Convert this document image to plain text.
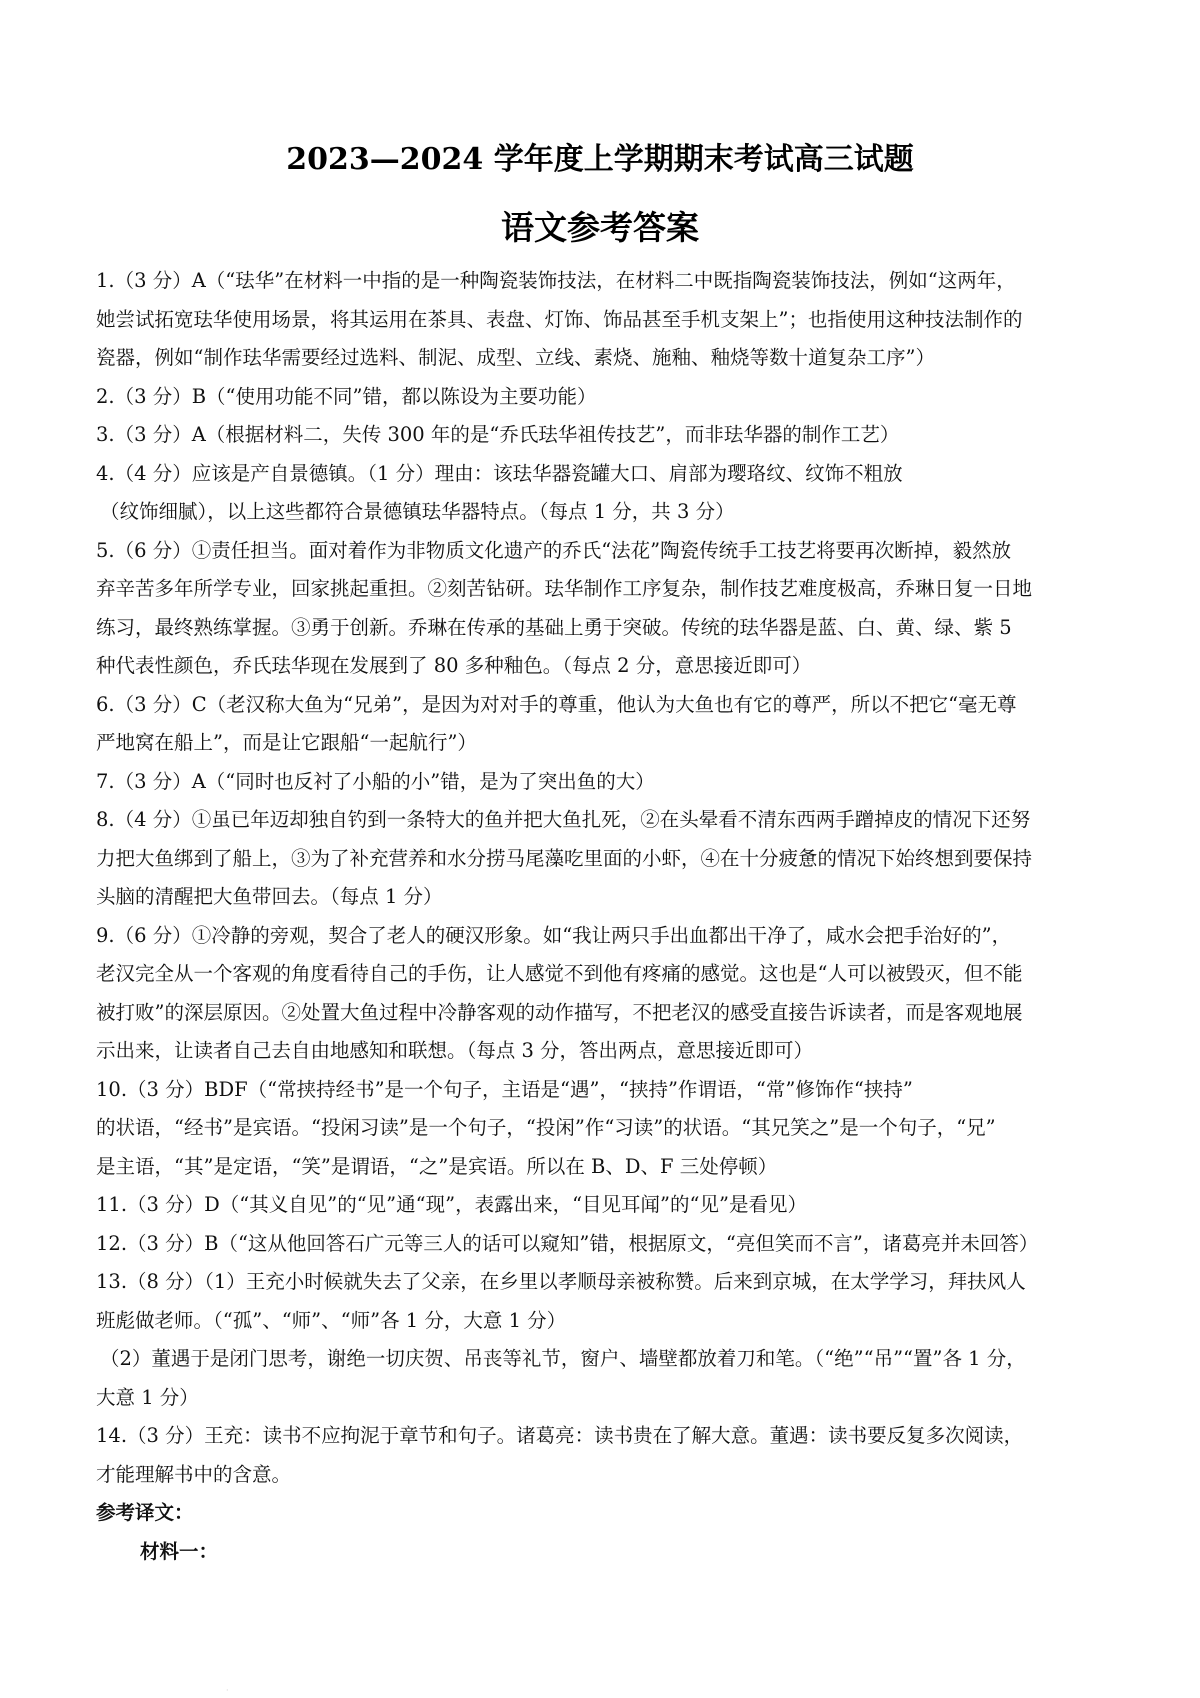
2023—2024 学年度上学期期末考试高三试题
语文参考答案
1.（3 分）A（“珐华”在材料一中指的是一种陶瓷装饰技法，在材料二中既指陶瓷装饰技法，例如“这两年，
她尝试拓宽珐华使用场景，将其运用在茶具、表盘、灯饰、饰品甚至手机支架上”；也指使用这种技法制作的
瓷器，例如“制作珐华需要经过选料、制泥、成型、立线、素烧、施釉、釉烧等数十道复杂工序”）
2.（3 分）B（“使用功能不同”错，都以陈设为主要功能）
3.（3 分）A（根据材料二，失传 300 年的是“乔氏珐华祖传技艺”，而非珐华器的制作工艺）
4.（4 分）应该是产自景德镇。（1 分）理由：该珐华器瓷罐大口、肩部为璎珞纹、纹饰不粗放
（纹饰细腻），以上这些都符合景德镇珐华器特点。（每点 1 分，共 3 分）
5.（6 分）①责任担当。面对着作为非物质文化遗产的乔氏“法花”陶瓷传统手工技艺将要再次断掉，毅然放
弃辛苦多年所学专业，回家挑起重担。②刻苦钻研。珐华制作工序复杂，制作技艺难度极高，乔琳日复一日地
练习，最终熟练掌握。③勇于创新。乔琳在传承的基础上勇于突破。传统的珐华器是蓝、白、黄、绿、紫 5
种代表性颜色，乔氏珐华现在发展到了 80 多种釉色。（每点 2 分，意思接近即可）
6.（3 分）C（老汉称大鱼为“兄弟”，是因为对对手的尊重，他认为大鱼也有它的尊严，所以不把它“毫无尊
严地窝在船上”，而是让它跟船“一起航行”）
7.（3 分）A（“同时也反衬了小船的小”错，是为了突出鱼的大）
8.（4 分）①虽已年迈却独自钓到一条特大的鱼并把大鱼扎死，②在头晕看不清东西两手蹭掉皮的情况下还努
力把大鱼绑到了船上，③为了补充营养和水分捞马尾藻吃里面的小虾，④在十分疲惫的情况下始终想到要保持
头脑的清醒把大鱼带回去。（每点 1 分）
9.（6 分）①冷静的旁观，契合了老人的硬汉形象。如“我让两只手出血都出干净了，咸水会把手治好的”，
老汉完全从一个客观的角度看待自己的手伤，让人感觉不到他有疼痛的感觉。这也是“人可以被毁灭，但不能
被打败”的深层原因。②处置大鱼过程中冷静客观的动作描写，不把老汉的感受直接告诉读者，而是客观地展
示出来，让读者自己去自由地感知和联想。（每点 3 分，答出两点，意思接近即可）
10.（3 分）BDF（“常挟持经书”是一个句子，主语是“遇”，“挟持”作谓语，“常”修饰作“挟持”
的状语，“经书”是宾语。“投闲习读”是一个句子，“投闲”作“习读”的状语。“其兄笑之”是一个句子，“兄”
是主语，“其”是定语，“笑”是谓语，“之”是宾语。所以在 B、D、F 三处停顿）
11.（3 分）D（“其义自见”的“见”通“现”，表露出来，“目见耳闻”的“见”是看见）
12.（3 分）B（“这从他回答石广元等三人的话可以窥知”错，根据原文，“亮但笑而不言”，诸葛亮并未回答）
13.（8 分）（1）王充小时候就失去了父亲，在乡里以孝顺母亲被称赞。后来到京城，在太学学习，拜扶风人
班彪做老师。（“孤”、“师”、“师”各 1 分，大意 1 分）
（2）董遇于是闭门思考，谢绝一切庆贺、吊丧等礼节，窗户、墙壁都放着刀和笔。（“绝”“吊”“置”各 1 分，
大意 1 分）
14.（3 分）王充：读书不应拘泥于章节和句子。诸葛亮：读书贵在了解大意。董遇：读书要反复多次阅读，
才能理解书中的含意。
参考译文：
材料一：
·
